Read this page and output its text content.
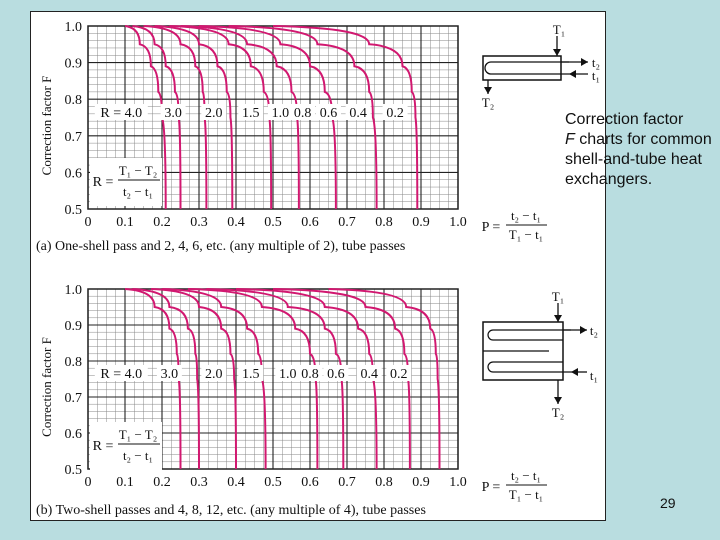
0.5
0.6
0.7
0.8
0.9
1.0
0 0.1 0.2 0.3 0.4 0.5 0.6 0.7 0.8 0.9 1.0
Correction factor F	R = 4.0 3.0 2.0 1.5 1.0 0.8 0.6 0.4 0.2
R =
T₁ − T₂
t₂ − t₁
P =
t₂ − t₁
T₁ − t₁
(a) One-shell pass and 2, 4, 6, etc. (any multiple of 2), tube passes
0.5
0.6
0.7
0.8
0.9
1.0
0 0.1 0.2 0.3 0.4 0.5 0.6 0.7 0.8 0.9 1.0
Correction factor F	R = 4.0 3.0 2.0 1.5 1.0 0.8 0.6 0.4 0.2
R =
T₁ − T₂
t₂ − t₁
P =
t₂ − t₁
T₁ − t₁
(b) Two-shell passes and 4, 8, 12, etc. (any multiple of 4), tube passes
T₁
t₂
t₁
T₂
T₁
t₂
t₁
T₂
Correction factor
F charts for common shell-and-tube heat exchangers.
29
